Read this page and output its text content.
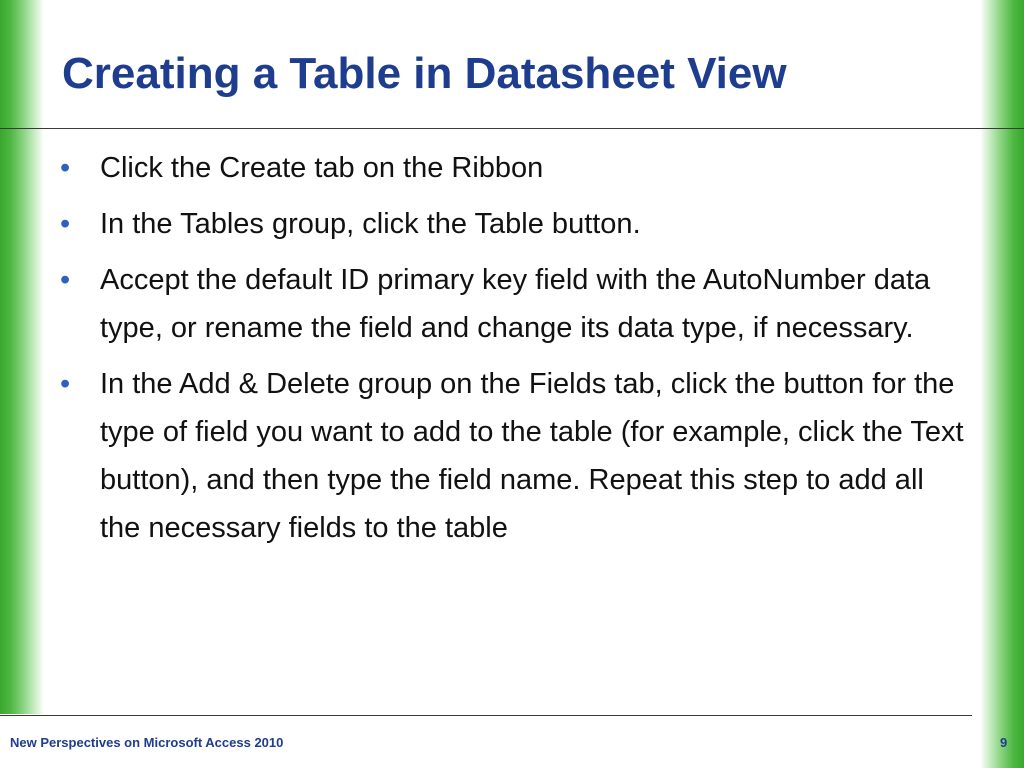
Creating a Table in Datasheet View
•	Click the Create tab on the Ribbon
•	In the Tables group, click the Table button.
•	Accept the default ID primary key field with the AutoNumber data type, or rename the field and change its data type, if necessary.
•	In the Add & Delete group on the Fields tab, click the button for the type of field you want to add to the table (for example, click the Text button), and then type the field name. Repeat this step to add all the necessary fields to the table
New Perspectives on Microsoft Access 2010	9
